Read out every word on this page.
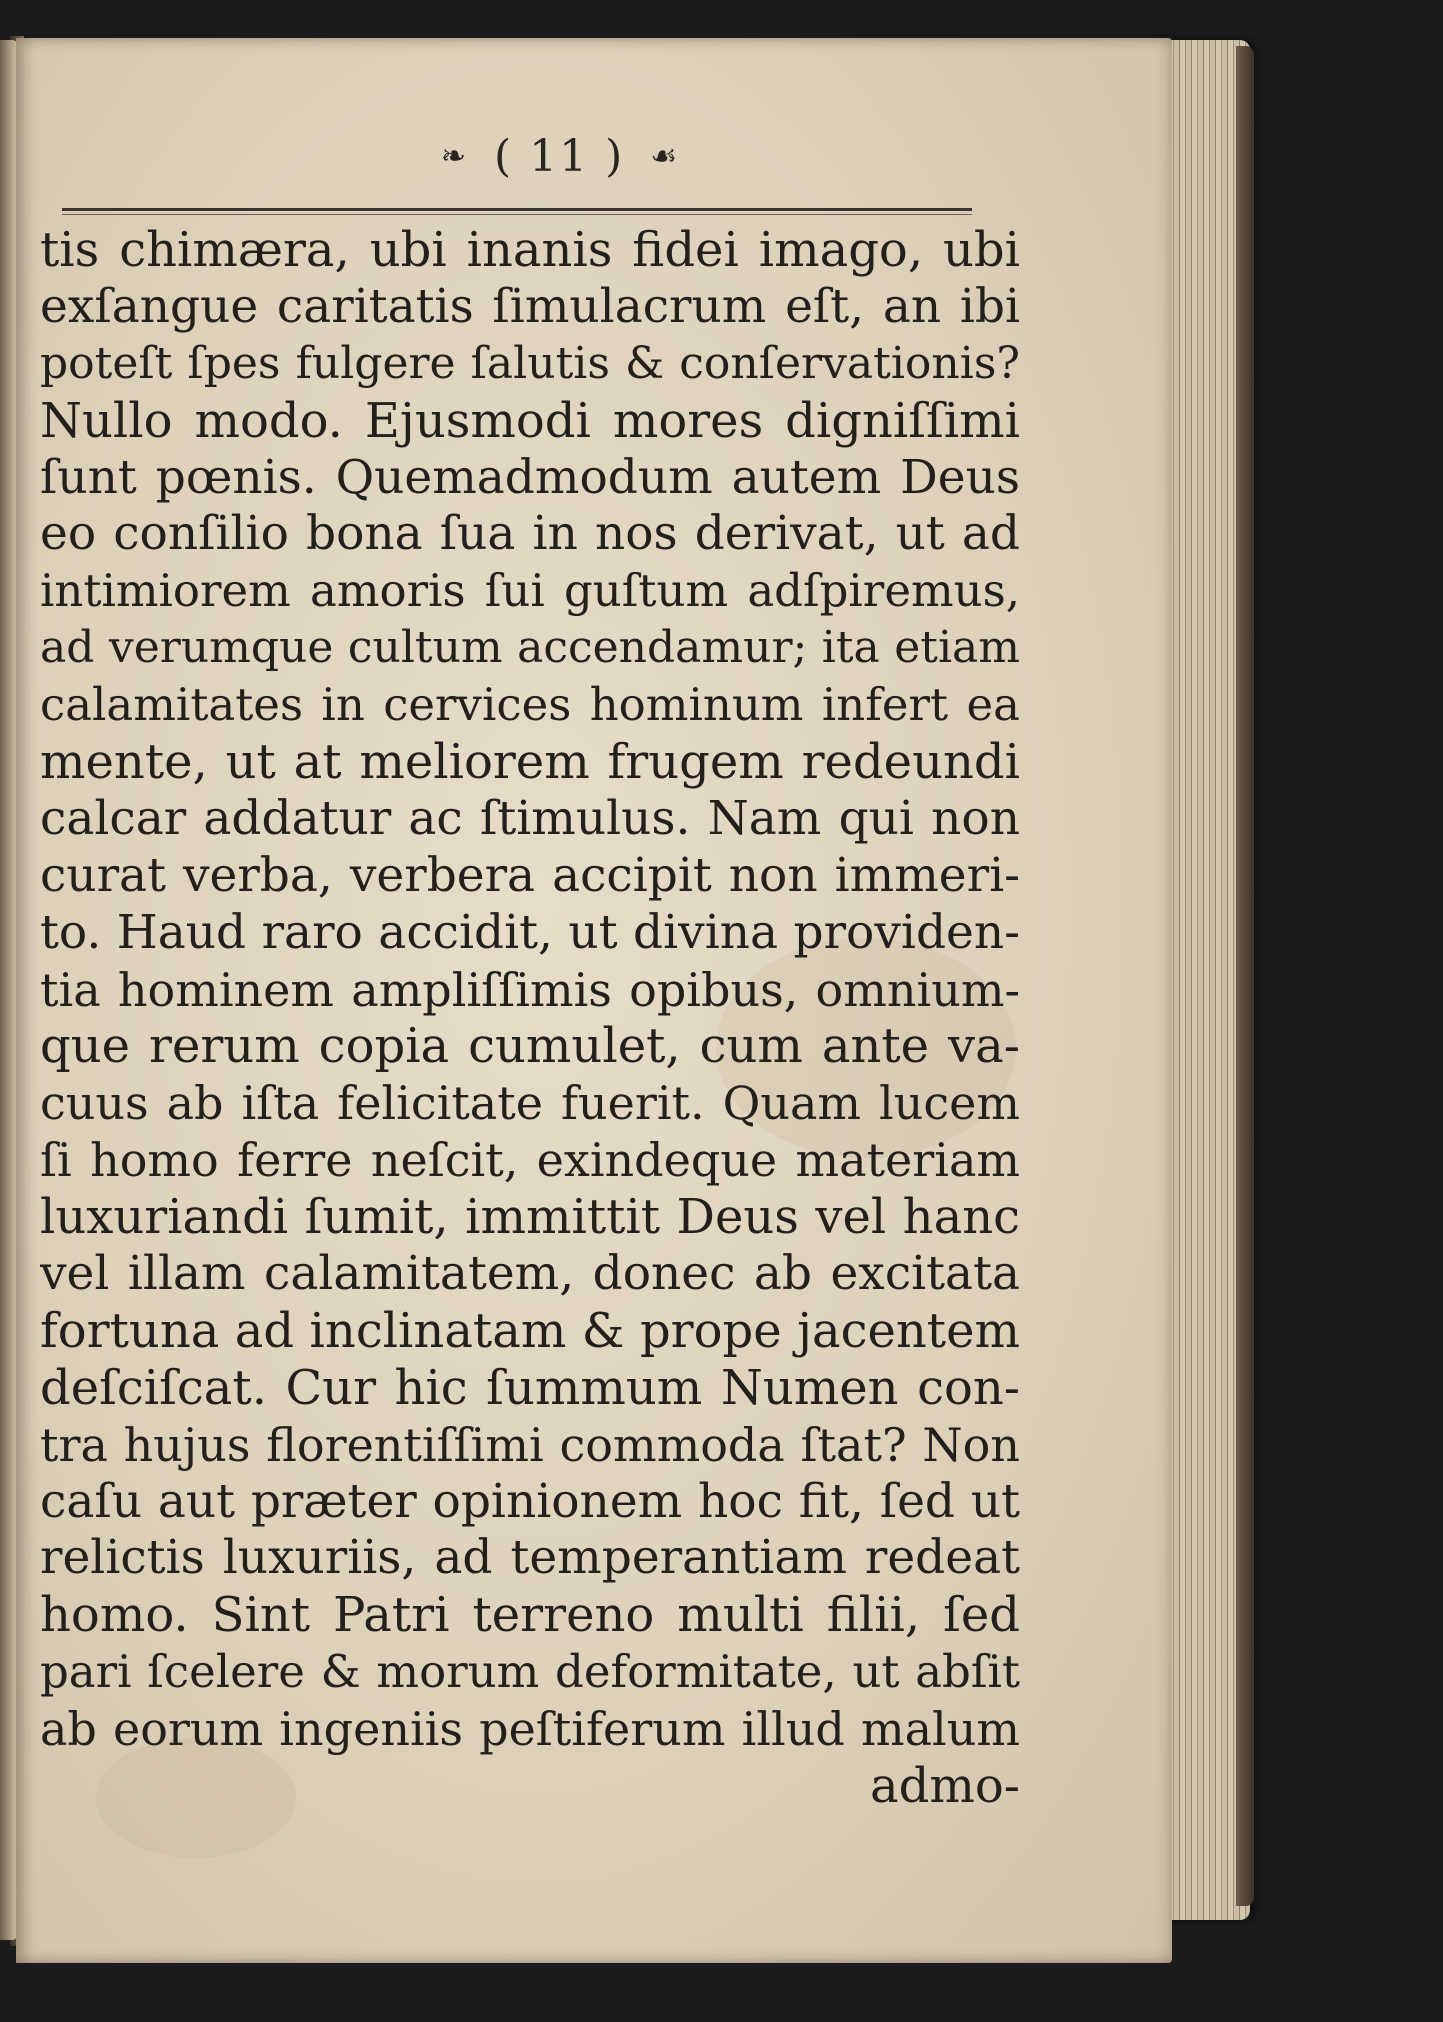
❧ ( 11 ) ☙
tis chimæra, ubi inanis fidei imago, ubi
exſangue caritatis ſimulacrum eſt, an ibi
poteſt ſpes fulgere ſalutis & conſervationis?
Nullo modo. Ejusmodi mores digniſſimi
ſunt pœnis. Quemadmodum autem Deus
eo conſilio bona ſua in nos derivat, ut ad
intimiorem amoris ſui guſtum adſpiremus,
ad verumque cultum accendamur; ita etiam
calamitates in cervices hominum infert ea
mente, ut at meliorem frugem redeundi
calcar addatur ac ſtimulus. Nam qui non
curat verba, verbera accipit non immeri-
to. Haud raro accidit, ut divina providen-
tia hominem ampliſſimis opibus, omnium-
que rerum copia cumulet, cum ante va-
cuus ab iſta felicitate fuerit. Quam lucem
ſi homo ferre neſcit, exindeque materiam
luxuriandi ſumit, immittit Deus vel hanc
vel illam calamitatem, donec ab excitata
fortuna ad inclinatam & prope jacentem
deſciſcat. Cur hic ſummum Numen con-
tra hujus florentiſſimi commoda ſtat? Non
caſu aut præter opinionem hoc fit, ſed ut
relictis luxuriis, ad temperantiam redeat
homo. Sint Patri terreno multi filii, ſed
pari ſcelere & morum deformitate, ut abſit
ab eorum ingeniis peſtiferum illud malum
admo-
